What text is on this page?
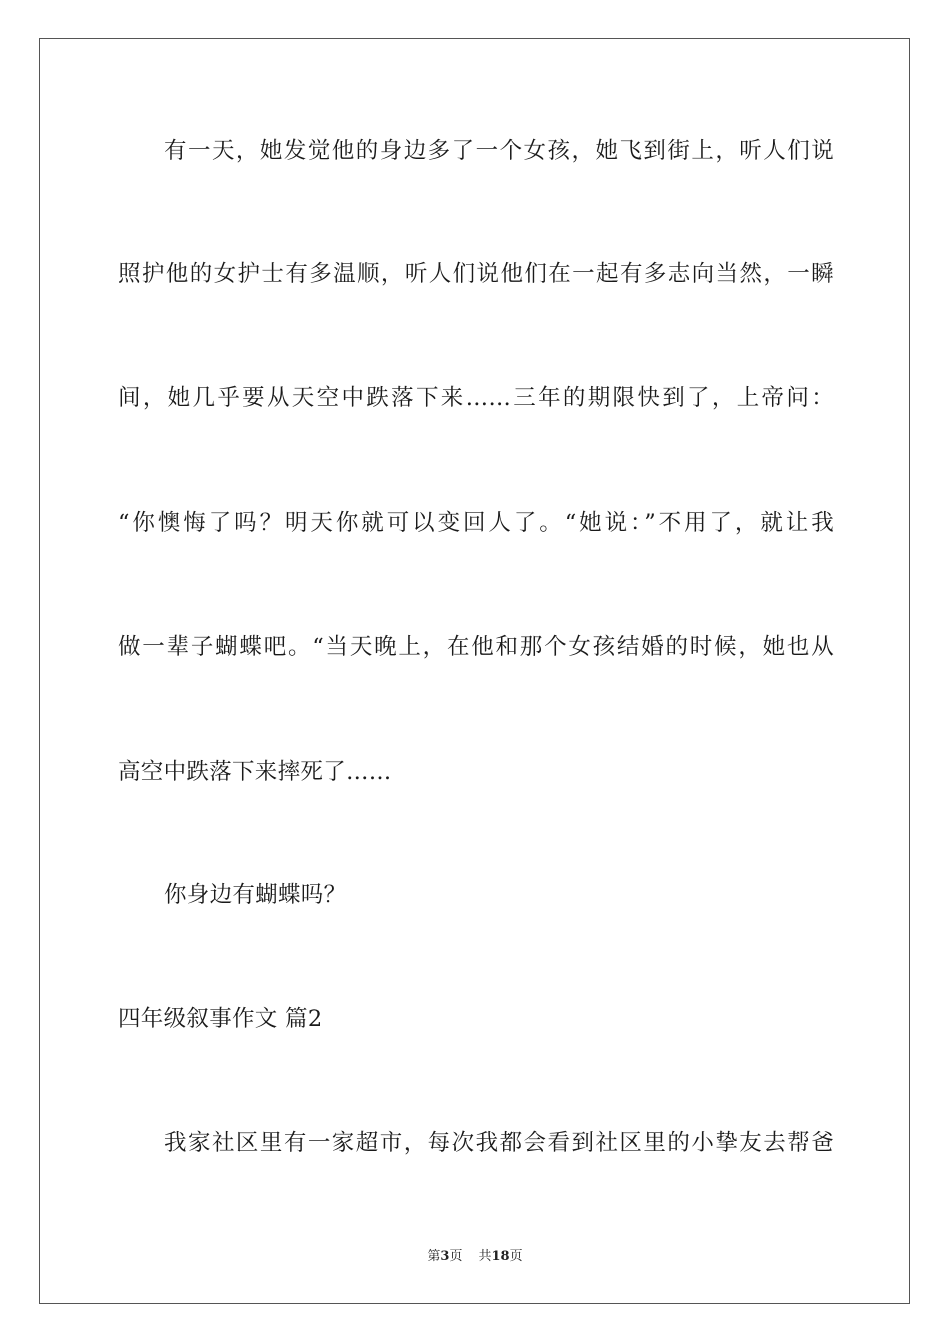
有一天，她发觉他的身边多了一个女孩，她飞到街上，听人们说
照护他的女护士有多温顺，听人们说他们在一起有多志向当然，一瞬
间，她几乎要从天空中跌落下来……三年的期限快到了，上帝问：
“你懊悔了吗？明天你就可以变回人了。“她说：”不用了，就让我
做一辈子蝴蝶吧。“当天晚上，在他和那个女孩结婚的时候，她也从
高空中跌落下来摔死了……
你身边有蝴蝶吗？
四年级叙事作文 篇2
我家社区里有一家超市，每次我都会看到社区里的小挚友去帮爸
第3页 共18页
